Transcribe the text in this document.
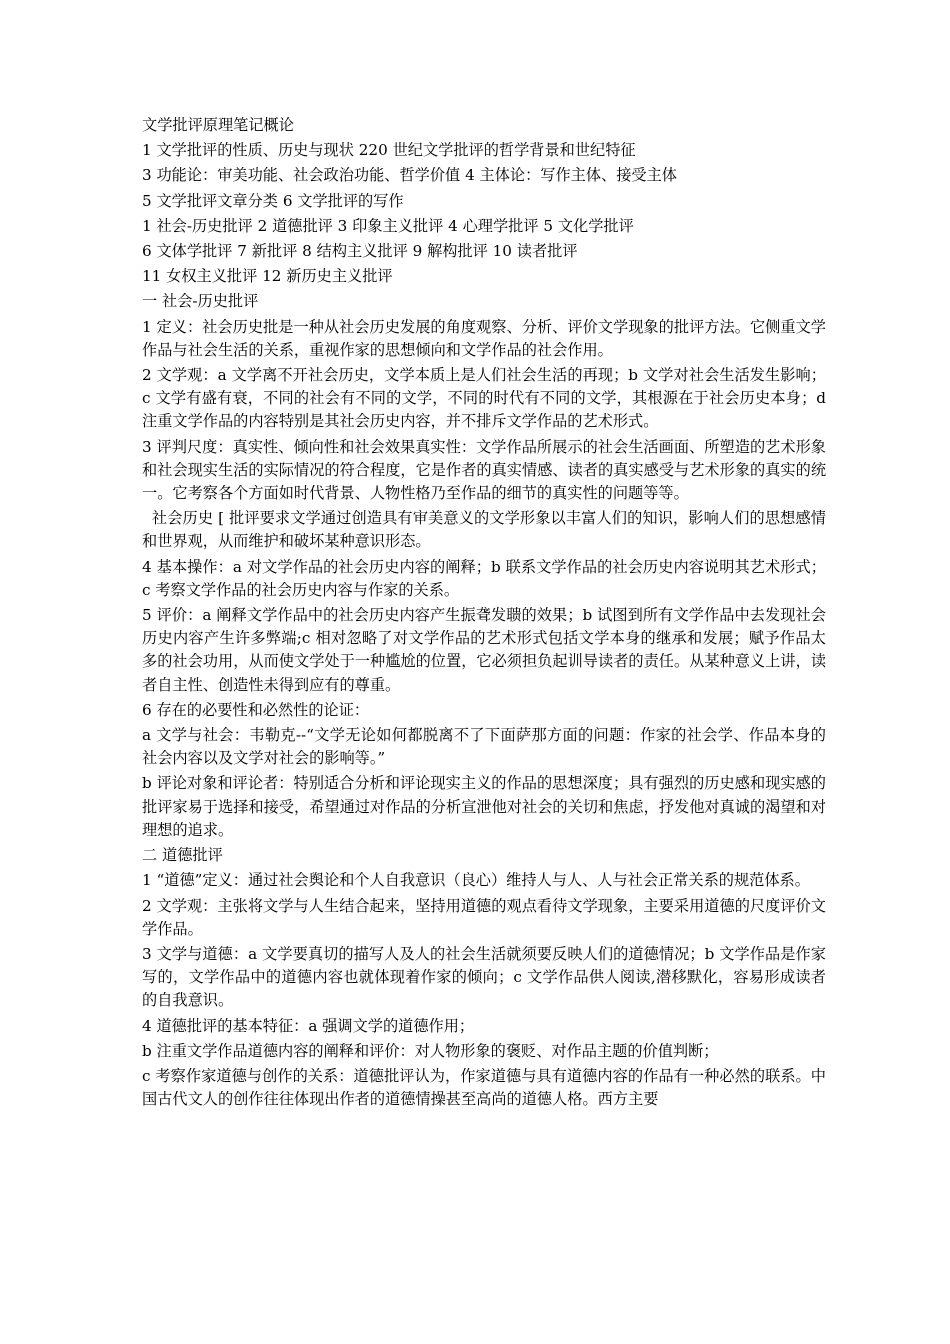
文学批评原理笔记概论

1 文学批评的性质、历史与现状 220 世纪文学批评的哲学背景和世纪特征

3 功能论：审美功能、社会政治功能、哲学价值 4 主体论：写作主体、接受主体

5 文学批评文章分类 6 文学批评的写作

1 社会-历史批评 2 道德批评 3 印象主义批评 4 心理学批评 5 文化学批评

6 文体学批评 7 新批评 8 结构主义批评 9 解构批评 10 读者批评

11 女权主义批评 12 新历史主义批评

一 社会-历史批评

1 定义：社会历史批是一种从社会历史发展的角度观察、分析、评价文学现象的批评方法。它侧重文学作品与社会生活的关系，重视作家的思想倾向和文学作品的社会作用。

2 文学观：a 文学离不开社会历史，文学本质上是人们社会生活的再现；b 文学对社会生活发生影响；c 文学有盛有衰，不同的社会有不同的文学，不同的时代有不同的文学，其根源在于社会历史本身；d 注重文学作品的内容特别是其社会历史内容，并不排斥文学作品的艺术形式。

3 评判尺度：真实性、倾向性和社会效果真实性：文学作品所展示的社会生活画面、所塑造的艺术形象和社会现实生活的实际情况的符合程度，它是作者的真实情感、读者的真实感受与艺术形象的真实的统一。它考察各个方面如时代背景、人物性格乃至作品的细节的真实性的问题等等。

社会历史 [ 批评要求文学通过创造具有审美意义的文学形象以丰富人们的知识，影响人们的思想感情和世界观，从而维护和破坏某种意识形态。

4 基本操作：a 对文学作品的社会历史内容的阐释；b 联系文学作品的社会历史内容说明其艺术形式；c 考察文学作品的社会历史内容与作家的关系。

5 评价：a 阐释文学作品中的社会历史内容产生振聋发聩的效果；b 试图到所有文学作品中去发现社会历史内容产生许多弊端;c 相对忽略了对文学作品的艺术形式包括文学本身的继承和发展；赋予作品太多的社会功用，从而使文学处于一种尴尬的位置，它必须担负起训导读者的责任。从某种意义上讲，读者自主性、创造性未得到应有的尊重。

6 存在的必要性和必然性的论证：

a 文学与社会：韦勒克--“文学无论如何都脱离不了下面萨那方面的问题：作家的社会学、作品本身的社会内容以及文学对社会的影响等。”

b 评论对象和评论者：特别适合分析和评论现实主义的作品的思想深度；具有强烈的历史感和现实感的批评家易于选择和接受，希望通过对作品的分析宣泄他对社会的关切和焦虑，抒发他对真诚的渴望和对理想的追求。

二 道德批评

1 “道德”定义：通过社会舆论和个人自我意识（良心）维持人与人、人与社会正常关系的规范体系。

2 文学观：主张将文学与人生结合起来，坚持用道德的观点看待文学现象，主要采用道德的尺度评价文学作品。

3 文学与道德：a 文学要真切的描写人及人的社会生活就须要反映人们的道德情况；b 文学作品是作家写的，文学作品中的道德内容也就体现着作家的倾向；c 文学作品供人阅读,潜移默化，容易形成读者的自我意识。

4 道德批评的基本特征：a 强调文学的道德作用；

b 注重文学作品道德内容的阐释和评价：对人物形象的褒贬、对作品主题的价值判断；

c 考察作家道德与创作的关系：道德批评认为，作家道德与具有道德内容的作品有一种必然的联系。中国古代文人的创作往往体现出作者的道德情操甚至高尚的道德人格。西方主要
